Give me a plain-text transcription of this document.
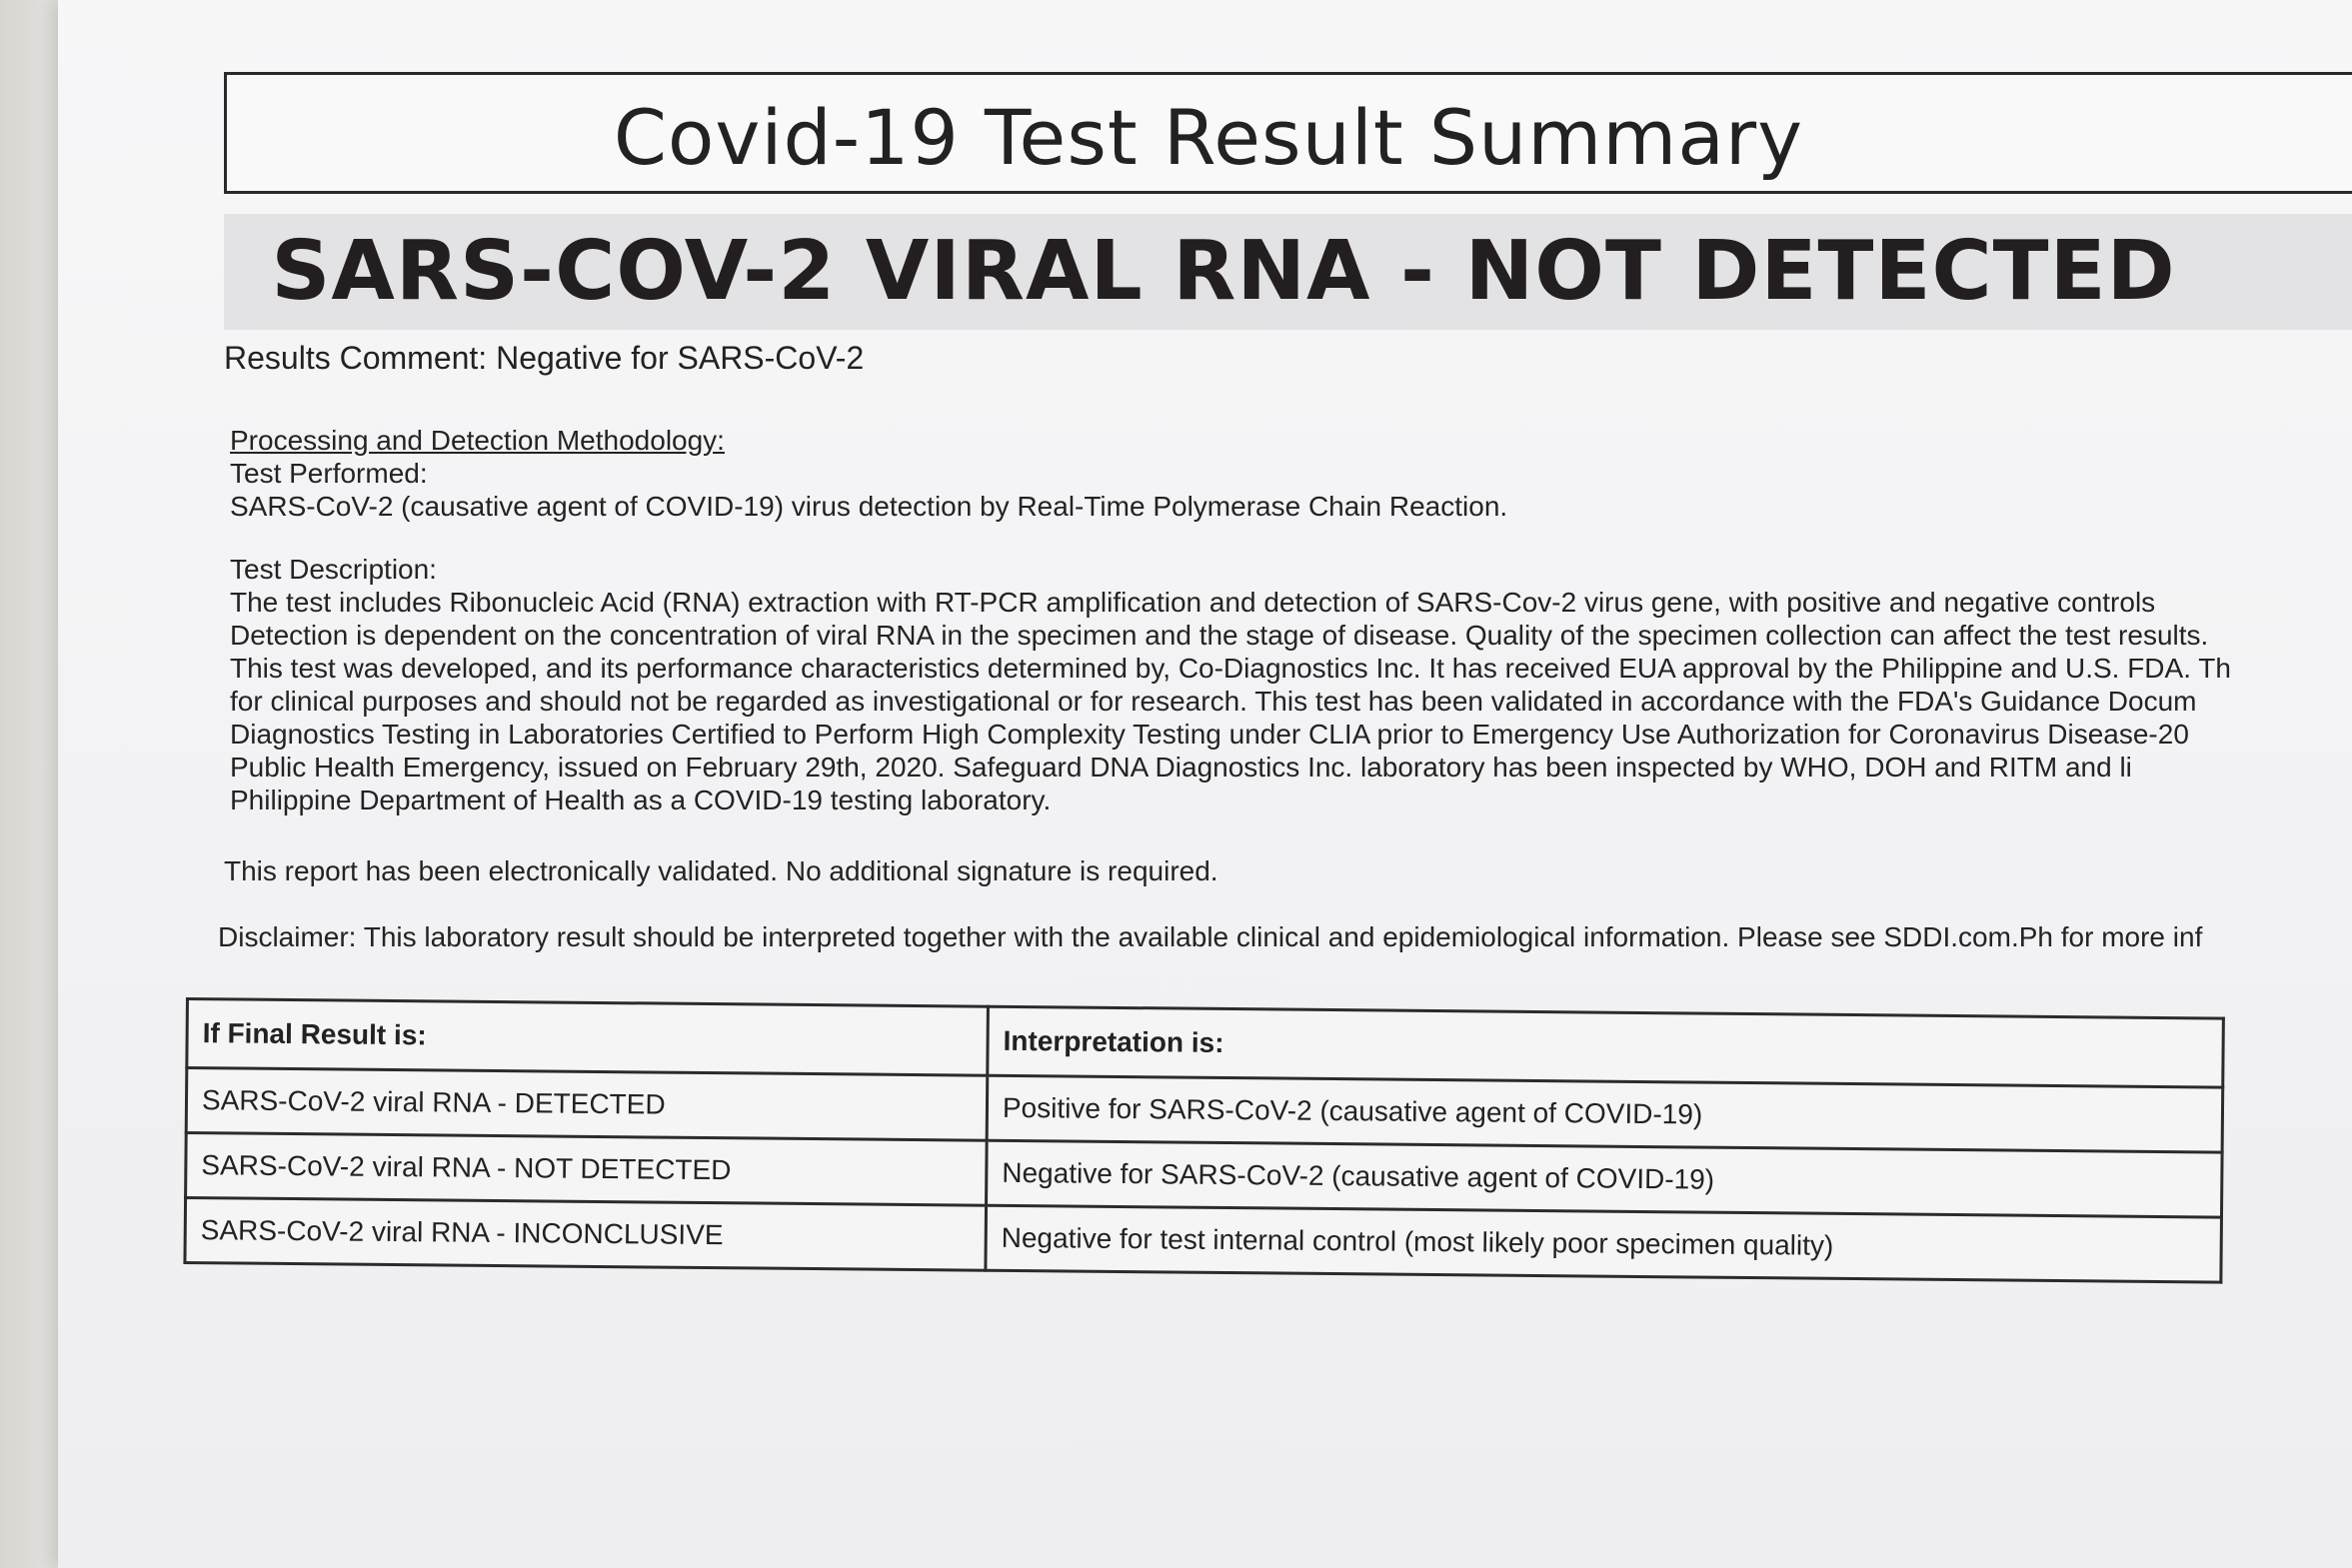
Covid-19 Test Result Summary
SARS-COV-2 VIRAL RNA - NOT DETECTED
Results Comment: Negative for SARS-CoV-2
Processing and Detection Methodology:
Test Performed:
SARS-CoV-2 (causative agent of COVID-19) virus detection by Real-Time Polymerase Chain Reaction.
Test Description:
The test includes Ribonucleic Acid (RNA) extraction with RT-PCR amplification and detection of SARS-Cov-2 virus gene, with positive and negative controls
Detection is dependent on the concentration of viral RNA in the specimen and the stage of disease. Quality of the specimen collection can affect the test results.
This test was developed, and its performance characteristics determined by, Co-Diagnostics Inc. It has received EUA approval by the Philippine and U.S. FDA. Th
for clinical purposes and should not be regarded as investigational or for research. This test has been validated in accordance with the FDA's Guidance Docum
Diagnostics Testing in Laboratories Certified to Perform High Complexity Testing under CLIA prior to Emergency Use Authorization for Coronavirus Disease-20
Public Health Emergency, issued on February 29th, 2020. Safeguard DNA Diagnostics Inc. laboratory has been inspected by WHO, DOH and RITM and li
Philippine Department of Health as a COVID-19 testing laboratory.
This report has been electronically validated. No additional signature is required.
Disclaimer: This laboratory result should be interpreted together with the available clinical and epidemiological information. Please see SDDI.com.Ph for more inf
If Final Result is:	Interpretation is:
SARS-CoV-2 viral RNA - DETECTED	Positive for SARS-CoV-2 (causative agent of COVID-19)
SARS-CoV-2 viral RNA - NOT DETECTED	Negative for SARS-CoV-2 (causative agent of COVID-19)
SARS-CoV-2 viral RNA - INCONCLUSIVE	Negative for test internal control (most likely poor specimen quality)
